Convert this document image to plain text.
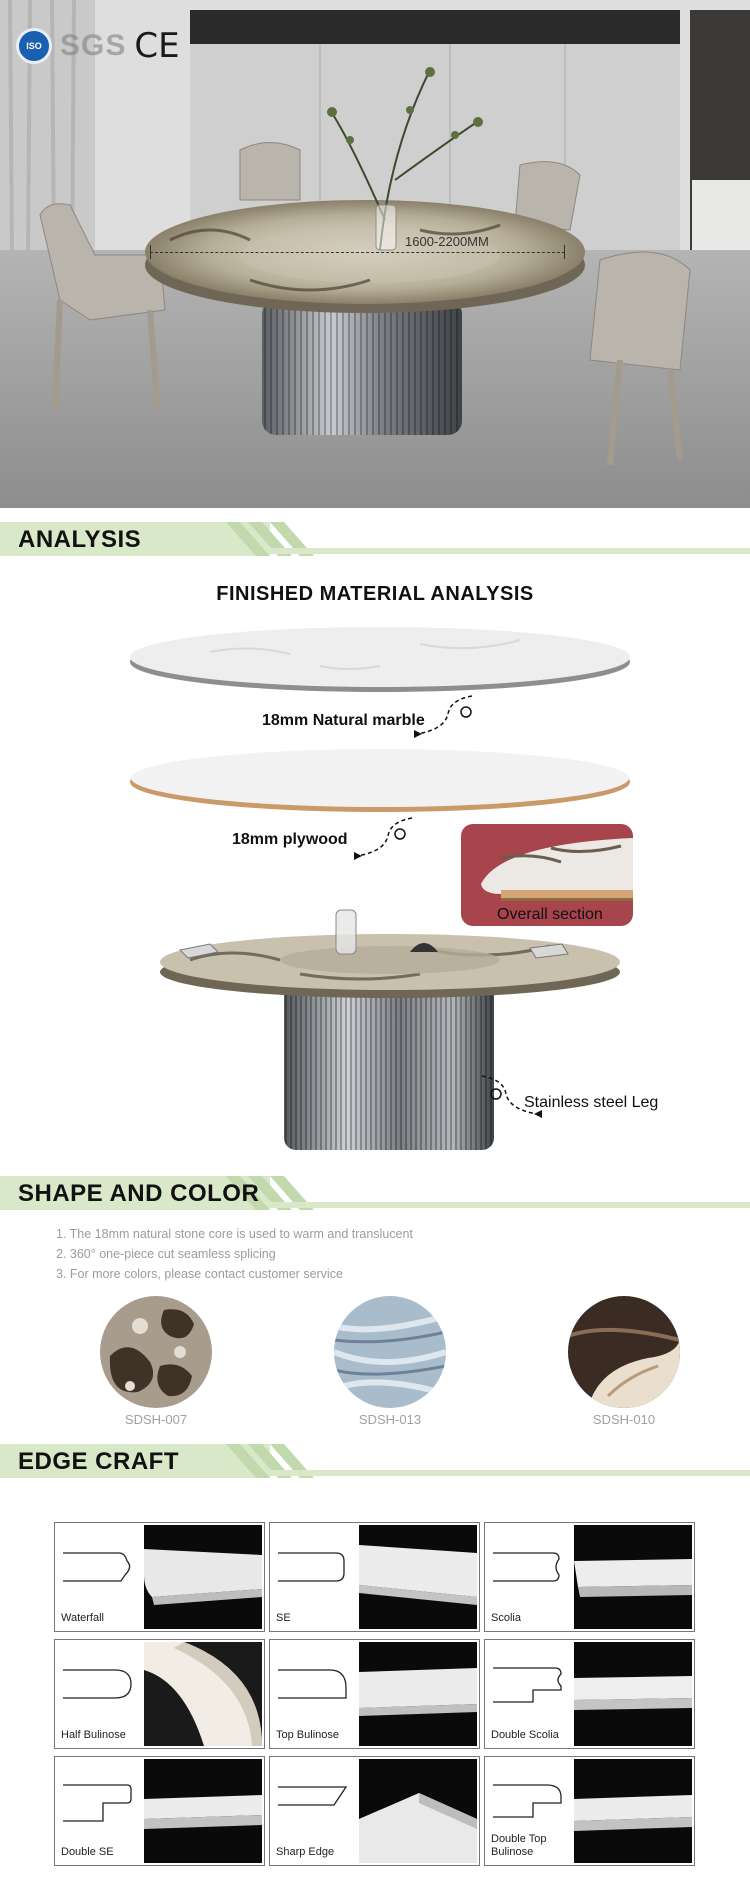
ISO SGS CE
1600-2200MM
ANALYSIS
FINISHED MATERIAL ANALYSIS
18mm Natural marble
18mm plywood
Overall section
Stainless steel Leg
SHAPE AND COLOR
1. The 18mm natural stone core is used to warm and translucent
2. 360° one-piece cut seamless splicing
3. For more colors, please contact customer service
SDSH-007	SDSH-013	SDSH-010
EDGE CRAFT
Waterfall	SE	Scolia
Half Bulinose	Top Bulinose	Double Scolia
Double SE	Sharp Edge
Double Top Bulinose
